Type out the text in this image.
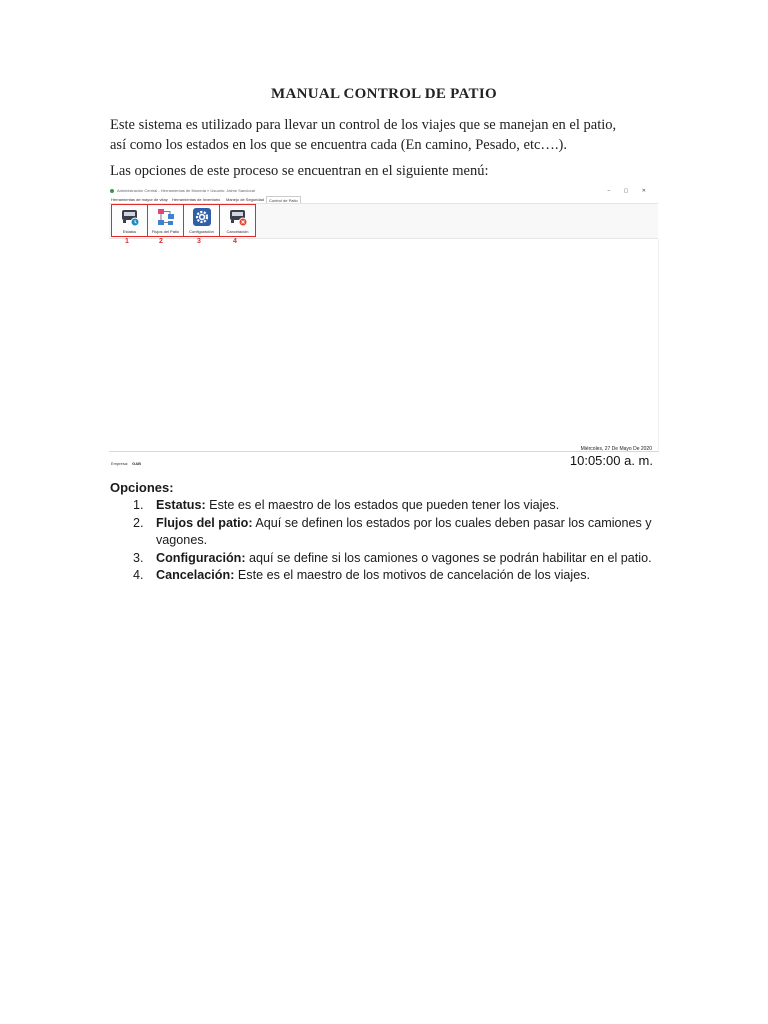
MANUAL CONTROL DE PATIO
Este sistema es utilizado para llevar un control de los viajes que se manejan en el patio,
así como los estados en los que se encuentra cada (En camino, Pesado, etc….).
Las opciones de este proceso se encuentran en el siguiente menú:
Administración Central - Herramientas de Moneda » Usuario: Jaime Sandoval	– ▢ ✕
Herramientas de mayor de vitay Herramientas de Inventario Manejo de Seguridad	Control de Patio
Estatus	Flujos del Patio	Configuración	Cancelación
1	2	3	4
Miércoles, 27 De Mayo De 2020
10:05:00 a. m.
Empresa: GAB
Opciones:
1. Estatus: Este es el maestro de los estados que pueden tener los viajes.
2. Flujos del patio: Aquí se definen los estados por los cuales deben pasar los camiones y vagones.
3. Configuración: aquí se define si los camiones o vagones se podrán habilitar en el patio.
4. Cancelación: Este es el maestro de los motivos de cancelación de los viajes.
